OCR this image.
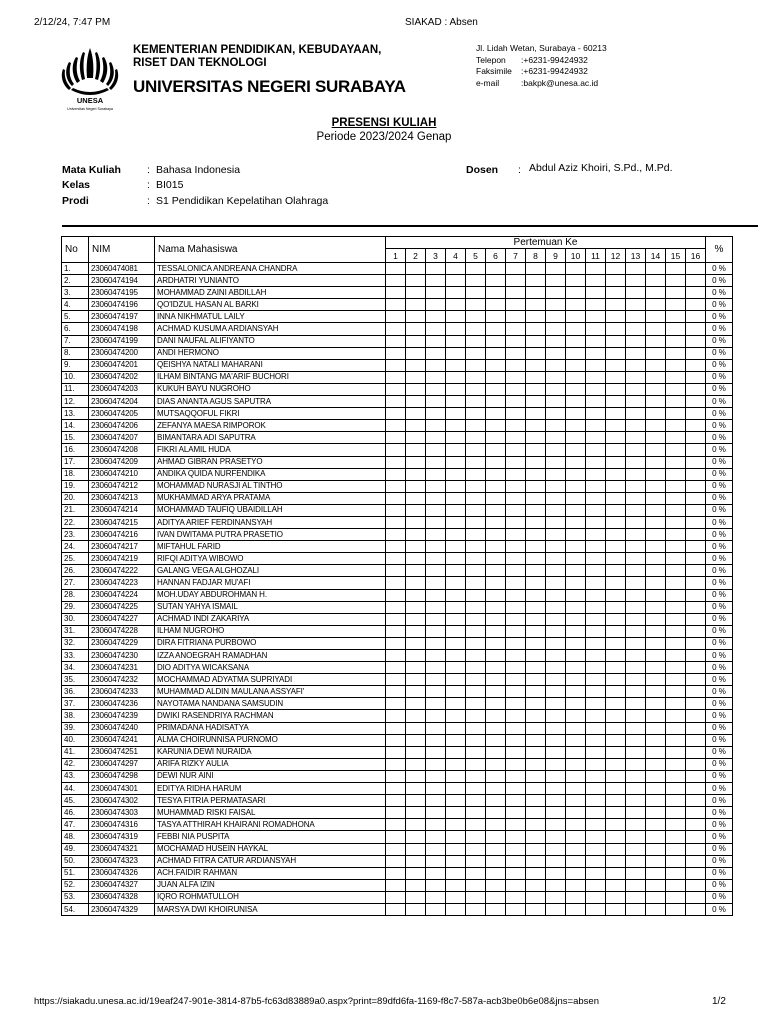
2/12/24, 7:47 PM	SIAKAD : Absen
UNESA
Universitas Negeri Surabaya
KEMENTERIAN PENDIDIKAN, KEBUDAYAAN,
RISET DAN TEKNOLOGI
UNIVERSITAS NEGERI SURABAYA
Jl. Lidah Wetan, Surabaya - 60213
Telepon :+6231-99424932
Faksimile :+6231-99424932
e-mail	:bakpk@unesa.ac.id
PRESENSI KULIAH
Periode 2023/2024 Genap
Mata Kuliah : Bahasa Indonesia
Kelas	: BI015
Prodi	: S1 Pendidikan Kepelatihan Olahraga
Dosen : Abdul Aziz Khoiri, S.Pd., M.Pd.
No	NIM	Nama Mahasiswa	Pertemuan Ke																%
			1	2	3	4	5	6	7	8	9	10	11	12	13	14	15	16	
1.	23060474081	TESSALONICA ANDREANA CHANDRA																	0 %
2.	23060474194	ARDHATRI YUNIANTO																	0 %
3.	23060474195	MOHAMMAD ZAINI ABDILLAH																	0 %
4.	23060474196	QO'IDZUL HASAN AL BARKI																	0 %
5.	23060474197	INNA NIKHMATUL LAILY																	0 %
6.	23060474198	ACHMAD KUSUMA ARDIANSYAH																	0 %
7.	23060474199	DANI NAUFAL ALIFIYANTO																	0 %
8.	23060474200	ANDI HERMONO																	0 %
9.	23060474201	QEISHYA NATALI MAHARANI																	0 %
10.	23060474202	ILHAM BINTANG MA'ARIF BUCHORI																	0 %
11.	23060474203	KUKUH BAYU NUGROHO																	0 %
12.	23060474204	DIAS ANANTA AGUS SAPUTRA																	0 %
13.	23060474205	MUTSAQQOFUL FIKRI																	0 %
14.	23060474206	ZEFANYA MAESA RIMPOROK																	0 %
15.	23060474207	BIMANTARA ADI SAPUTRA																	0 %
16.	23060474208	FIKRI ALAMIL HUDA																	0 %
17.	23060474209	AHMAD GIBRAN PRASETYO																	0 %
18.	23060474210	ANDIKA QUIDA NURFENDIKA																	0 %
19.	23060474212	MOHAMMAD NURASJI AL TINTHO																	0 %
20.	23060474213	MUKHAMMAD ARYA PRATAMA																	0 %
21.	23060474214	MOHAMMAD TAUFIQ UBAIDILLAH																	0 %
22.	23060474215	ADITYA ARIEF FERDINANSYAH																	0 %
23.	23060474216	IVAN DWITAMA PUTRA PRASETIO																	0 %
24.	23060474217	MIFTAHUL FARID																	0 %
25.	23060474219	RIFQI ADITYA WIBOWO																	0 %
26.	23060474222	GALANG VEGA ALGHOZALI																	0 %
27.	23060474223	HANNAN FADJAR MU'AFI																	0 %
28.	23060474224	MOH.UDAY ABDUROHMAN H.																	0 %
29.	23060474225	SUTAN YAHYA ISMAIL																	0 %
30.	23060474227	ACHMAD INDI ZAKARIYA																	0 %
31.	23060474228	ILHAM NUGROHO																	0 %
32.	23060474229	DIRA FITRIANA PURBOWO																	0 %
33.	23060474230	IZZA ANOEGRAH RAMADHAN																	0 %
34.	23060474231	DIO ADITYA WICAKSANA																	0 %
35.	23060474232	MOCHAMMAD ADYATMA SUPRIYADI																	0 %
36.	23060474233	MUHAMMAD ALDIN MAULANA ASSYAFI'																	0 %
37.	23060474236	NAYOTAMA NANDANA SAMSUDIN																	0 %
38.	23060474239	DWIKI RASENDRIYA RACHMAN																	0 %
39.	23060474240	PRIMADANA HADISATYA																	0 %
40.	23060474241	ALMA CHOIRUNNISA PURNOMO																	0 %
41.	23060474251	KARUNIA DEWI NURAIDA																	0 %
42.	23060474297	ARIFA RIZKY AULIA																	0 %
43.	23060474298	DEWI NUR AINI																	0 %
44.	23060474301	EDITYA RIDHA HARUM																	0 %
45.	23060474302	TESYA FITRIA PERMATASARI																	0 %
46.	23060474303	MUHAMMAD RISKI FAISAL																	0 %
47.	23060474316	TASYA ATTHIRAH KHAIRANI ROMADHONA																	0 %
48.	23060474319	FEBBI NIA PUSPITA																	0 %
49.	23060474321	MOCHAMAD HUSEIN HAYKAL																	0 %
50.	23060474323	ACHMAD FITRA CATUR ARDIANSYAH																	0 %
51.	23060474326	ACH.FAIDIR RAHMAN																	0 %
52.	23060474327	JUAN ALFA IZIN																	0 %
53.	23060474328	IQRO ROHMATULLOH																	0 %
54.	23060474329	MARSYA DWI KHOIRUNISA																	0 %
https://siakadu.unesa.ac.id/19eaf247-901e-3814-87b5-fc63d83889a0.aspx?print=89dfd6fa-1169-f8c7-587a-acb3be0b6e08&jns=absen	1/2
